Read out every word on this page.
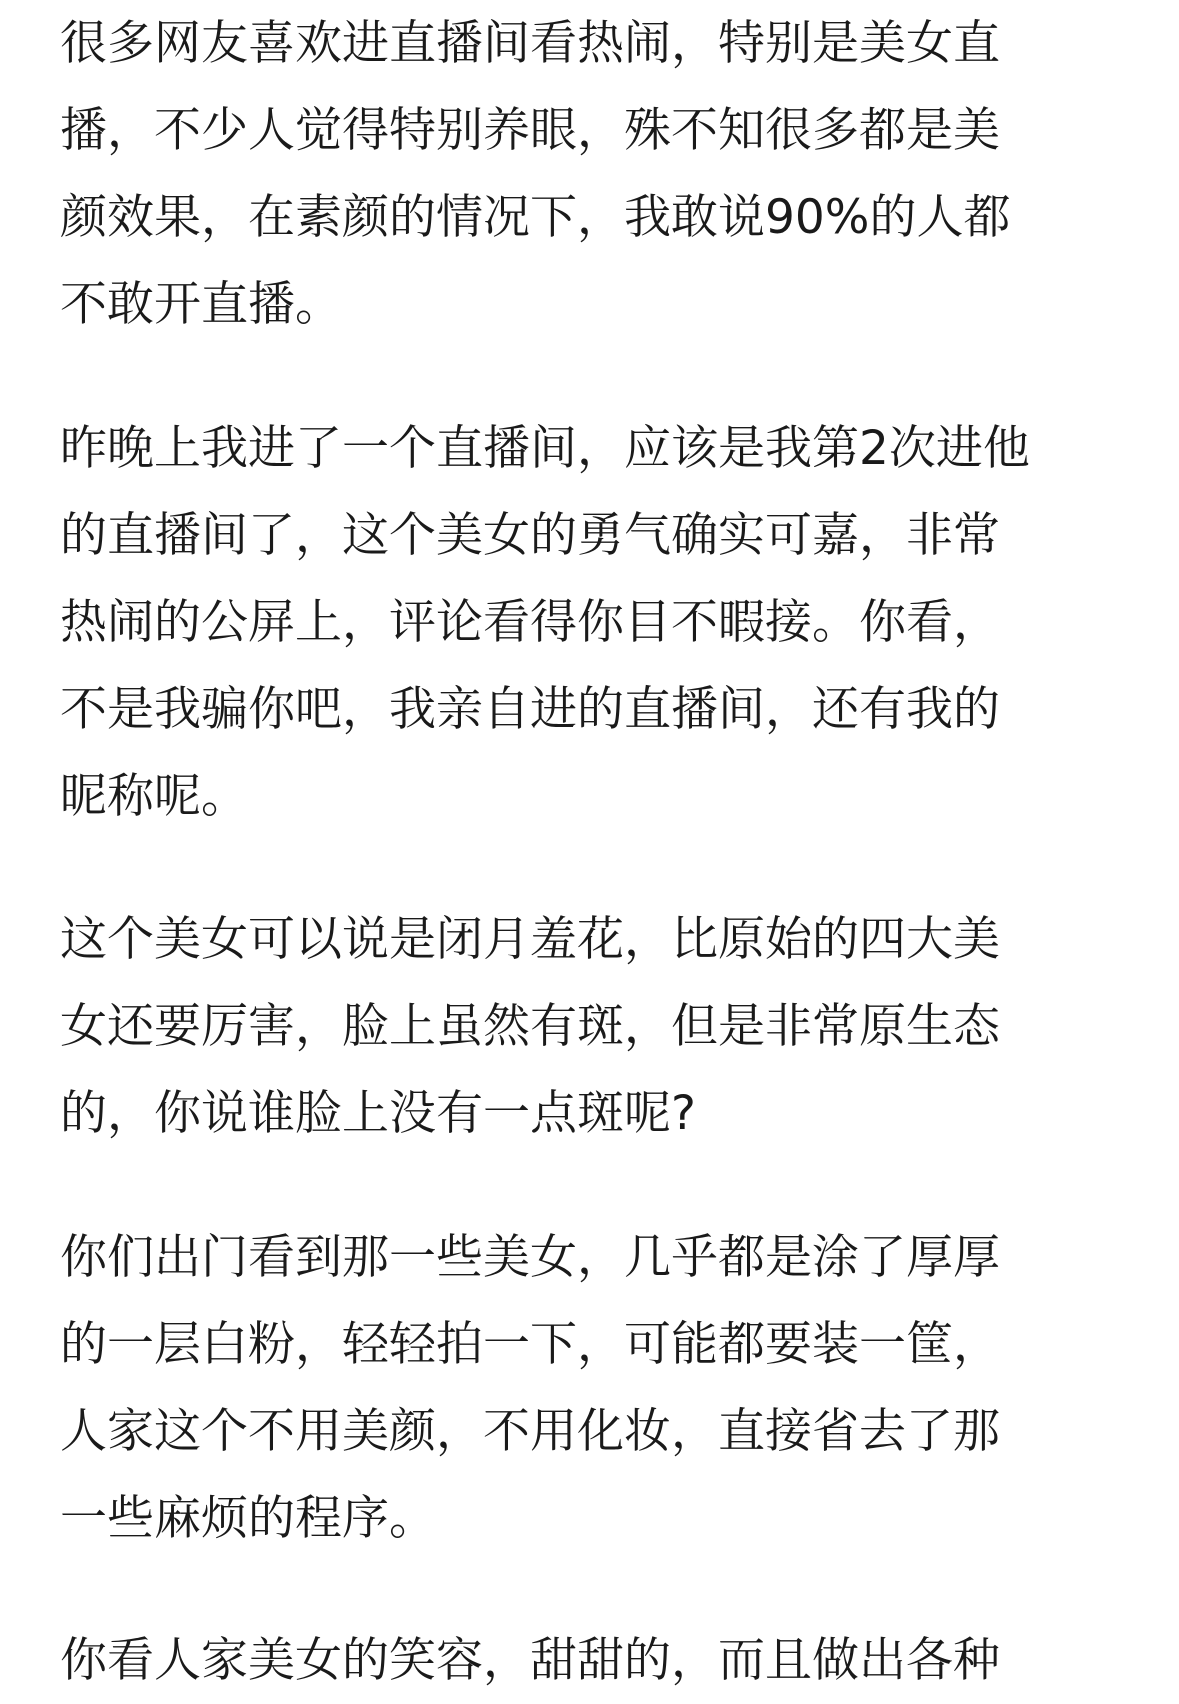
很多网友喜欢进直播间看热闹，特别是美女直
播，不少人觉得特别养眼，殊不知很多都是美
颜效果，在素颜的情况下，我敢说90%的人都
不敢开直播。
昨晚上我进了一个直播间，应该是我第2次进他
的直播间了，这个美女的勇气确实可嘉，非常
热闹的公屏上，评论看得你目不暇接。你看，
不是我骗你吧，我亲自进的直播间，还有我的
昵称呢。
这个美女可以说是闭月羞花，比原始的四大美
女还要厉害，脸上虽然有斑，但是非常原生态
的，你说谁脸上没有一点斑呢?
你们出门看到那一些美女，几乎都是涂了厚厚
的一层白粉，轻轻拍一下，可能都要装一筐，
人家这个不用美颜，不用化妆，直接省去了那
一些麻烦的程序。
你看人家美女的笑容，甜甜的，而且做出各种
